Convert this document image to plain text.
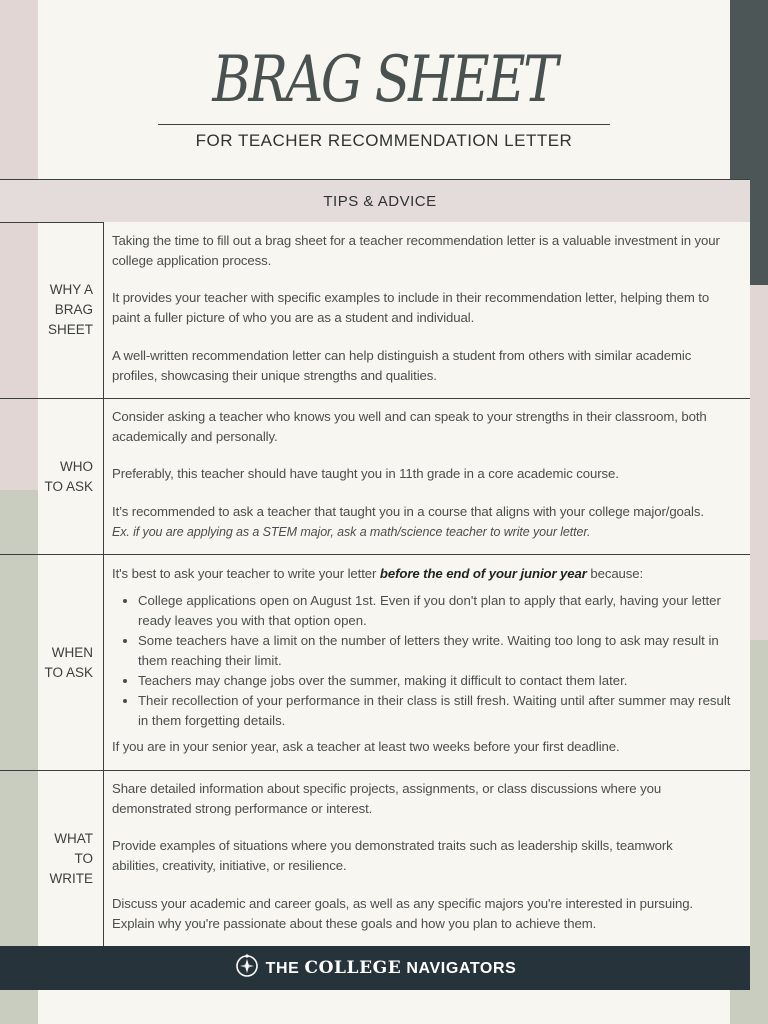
BRAG SHEET
FOR TEACHER RECOMMENDATION LETTER
TIPS & ADVICE
WHY A
BRAG
SHEET

Taking the time to fill out a brag sheet for a teacher recommendation letter is a valuable investment in your college application process.

It provides your teacher with specific examples to include in their recommendation letter, helping them to paint a fuller picture of who you are as a student and individual.

A well-written recommendation letter can help distinguish a student from others with similar academic profiles, showcasing their unique strengths and qualities.

WHO
TO ASK

Consider asking a teacher who knows you well and can speak to your strengths in their classroom, both academically and personally.

Preferably, this teacher should have taught you in 11th grade in a core academic course.

It’s recommended to ask a teacher that taught you in a course that aligns with your college major/goals. Ex. if you are applying as a STEM major, ask a math/science teacher to write your letter.

WHEN
TO ASK

It's best to ask your teacher to write your letter before the end of your junior year because:

• College applications open on August 1st. Even if you don't plan to apply that early, having your letter ready leaves you with that option open.
• Some teachers have a limit on the number of letters they write. Waiting too long to ask may result in them reaching their limit.
• Teachers may change jobs over the summer, making it difficult to contact them later.
• Their recollection of your performance in their class is still fresh. Waiting until after summer may result in them forgetting details.

If you are in your senior year, ask a teacher at least two weeks before your first deadline.

WHAT
TO
WRITE

Share detailed information about specific projects, assignments, or class discussions where you demonstrated strong performance or interest.

Provide examples of situations where you demonstrated traits such as leadership skills, teamwork abilities, creativity, initiative, or resilience.

Discuss your academic and career goals, as well as any specific majors you're interested in pursuing. Explain why you're passionate about these goals and how you plan to achieve them.

THE COLLEGE NAVIGATORS
